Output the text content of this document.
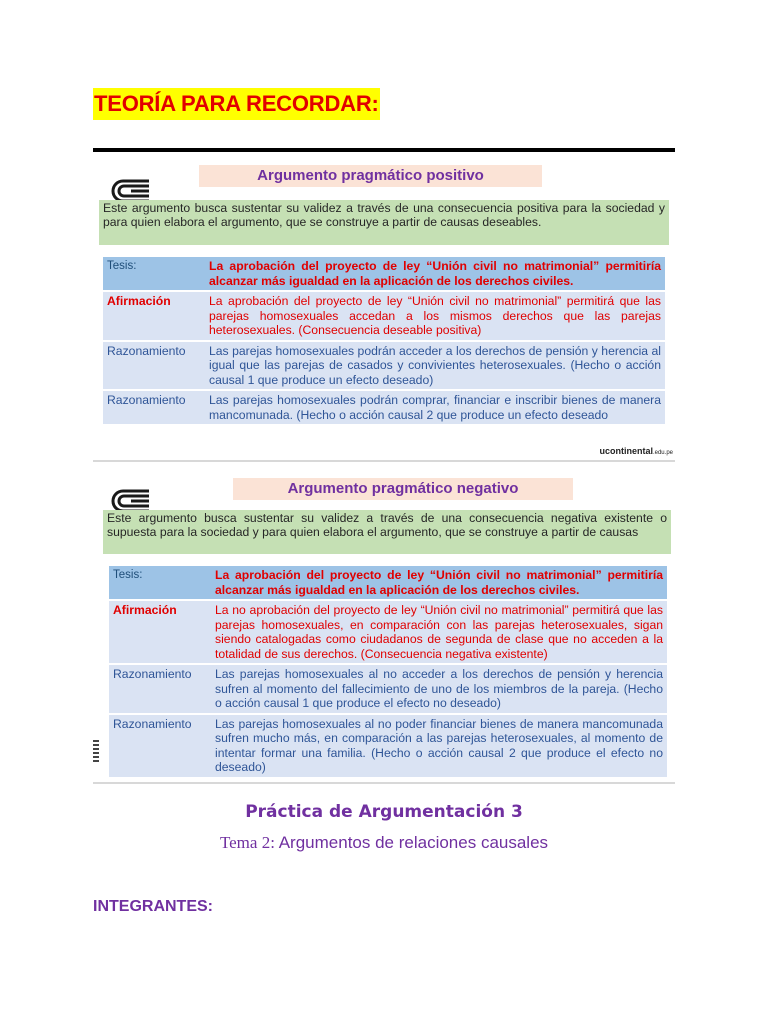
TEORÍA PARA RECORDAR:
Argumento pragmático positivo
Este argumento busca sustentar su validez a través de una consecuencia positiva para la sociedad y para quien elabora el argumento, que se construye a partir de causas deseables.
Tesis:	La aprobación del proyecto de ley “Unión civil no matrimonial” permitiría alcanzar más igualdad en la aplicación de los derechos civiles.
Afirmación	La aprobación del proyecto de ley “Unión civil no matrimonial” permitirá que las parejas homosexuales accedan a los mismos derechos que las parejas heterosexuales. (Consecuencia deseable positiva)
Razonamiento	Las parejas homosexuales podrán acceder a los derechos de pensión y herencia al igual que las parejas de casados y convivientes heterosexuales. (Hecho o acción causal 1 que produce un efecto deseado)
Razonamiento	Las parejas homosexuales podrán comprar, financiar e inscribir bienes de manera mancomunada. (Hecho o acción causal 2 que produce un efecto deseado
ucontinental.edu.pe
Argumento pragmático negativo
Este argumento busca sustentar su validez a través de una consecuencia negativa existente o supuesta para la sociedad y para quien elabora el argumento, que se construye a partir de causas
Tesis:	La aprobación del proyecto de ley “Unión civil no matrimonial” permitiría alcanzar más igualdad en la aplicación de los derechos civiles.
Afirmación	La no aprobación del proyecto de ley “Unión civil no matrimonial” permitirá que las parejas homosexuales, en comparación con las parejas heterosexuales, sigan siendo catalogadas como ciudadanos de segunda de clase que no acceden a la totalidad de sus derechos. (Consecuencia negativa existente)
Razonamiento	Las parejas homosexuales al no acceder a los derechos de pensión y herencia sufren al momento del fallecimiento de uno de los miembros de la pareja. (Hecho o acción causal 1 que produce el efecto no deseado)
Razonamiento	Las parejas homosexuales al no poder financiar bienes de manera mancomunada sufren mucho más, en comparación a las parejas heterosexuales, al momento de intentar formar una familia. (Hecho o acción causal 2 que produce el efecto no deseado)
Práctica de Argumentación 3
Tema 2: Argumentos de relaciones causales
INTEGRANTES:
